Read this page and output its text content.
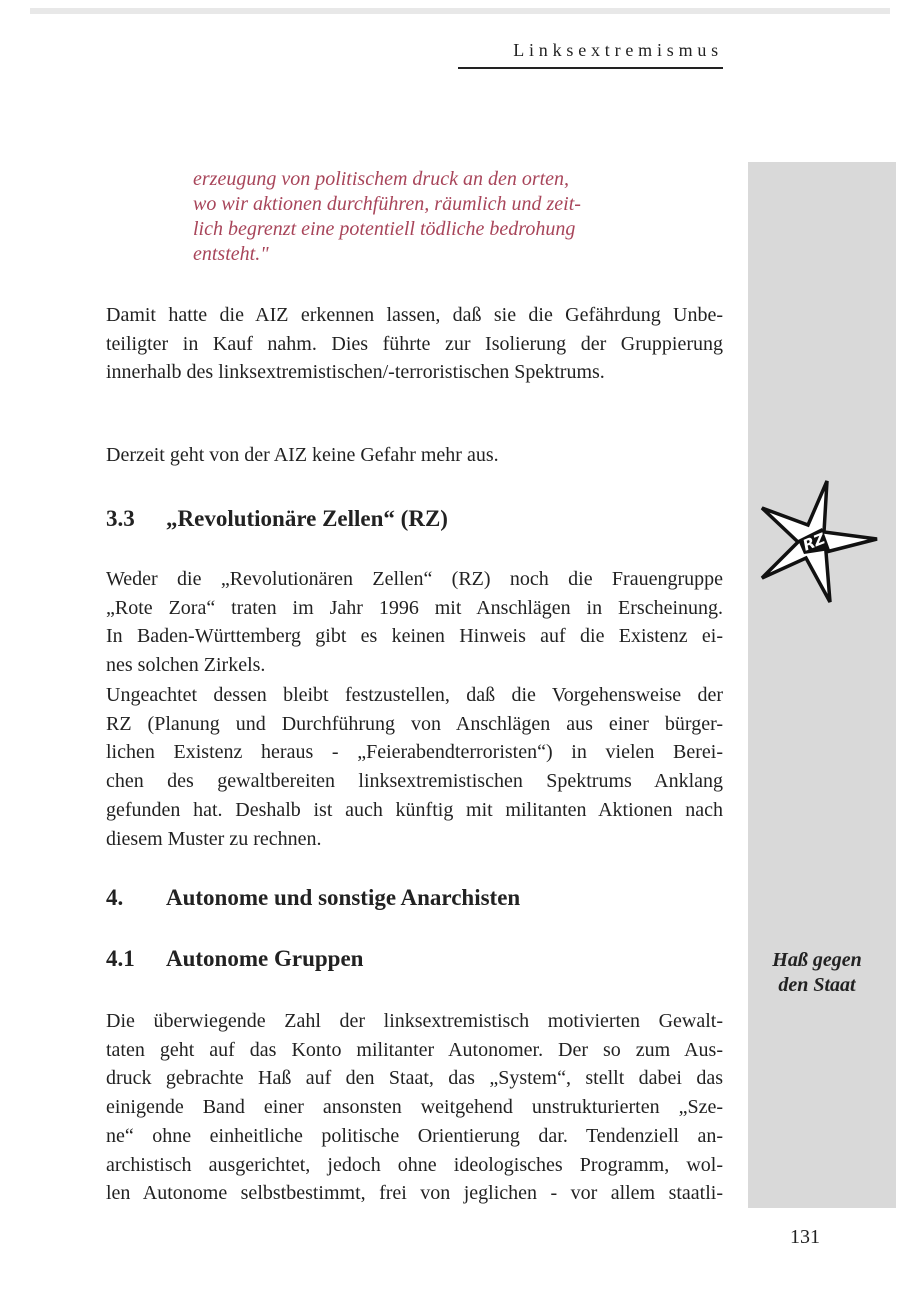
Linksextremismus
erzeugung von politischem druck an den orten,
wo wir aktionen durchführen, räumlich und zeit-
lich begrenzt eine potentiell tödliche bedrohung
entsteht."
Damit hatte die AIZ erkennen lassen, daß sie die Gefährdung Unbe-
teiligter in Kauf nahm. Dies führte zur Isolierung der Gruppierung
innerhalb des linksextremistischen/-terroristischen Spektrums.
Derzeit geht von der AIZ keine Gefahr mehr aus.
3.3 „Revolutionäre Zellen“ (RZ)
Weder die „Revolutionären Zellen“ (RZ) noch die Frauengruppe
„Rote Zora“ traten im Jahr 1996 mit Anschlägen in Erscheinung.
In Baden-Württemberg gibt es keinen Hinweis auf die Existenz ei-
nes solchen Zirkels.
Ungeachtet dessen bleibt festzustellen, daß die Vorgehensweise der
RZ (Planung und Durchführung von Anschlägen aus einer bürger-
lichen Existenz heraus - „Feierabendterroristen“) in vielen Berei-
chen des gewaltbereiten linksextremistischen Spektrums Anklang
gefunden hat. Deshalb ist auch künftig mit militanten Aktionen nach
diesem Muster zu rechnen.
4. Autonome und sonstige Anarchisten
4.1 Autonome Gruppen
Die überwiegende Zahl der linksextremistisch motivierten Gewalt-
taten geht auf das Konto militanter Autonomer. Der so zum Aus-
druck gebrachte Haß auf den Staat, das „System“, stellt dabei das
einigende Band einer ansonsten weitgehend unstrukturierten „Sze-
ne“ ohne einheitliche politische Orientierung dar. Tendenziell an-
archistisch ausgerichtet, jedoch ohne ideologisches Programm, wol-
len Autonome selbstbestimmt, frei von jeglichen - vor allem staatli-
RZ
Haß gegen
den Staat
131
